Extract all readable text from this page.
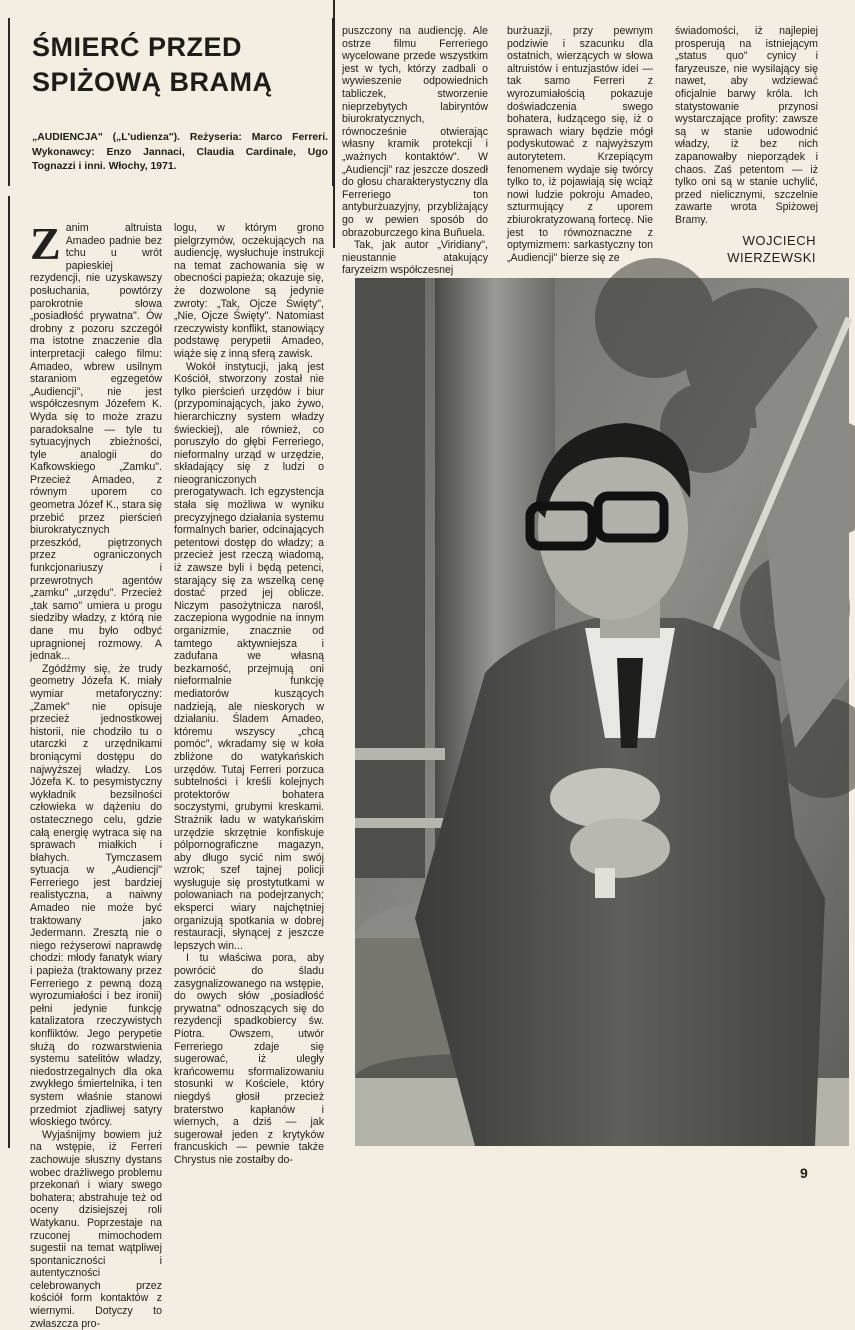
ŚMIERĆ PRZED SPIŻOWĄ BRAMĄ

„AUDIENCJA" („L'udienza"). Reżyseria: Marco Ferreri. Wykonawcy: Enzo Jannaci, Claudia Cardinale, Ugo Tognazzi i inni. Włochy, 1971.

Zanim altruista Amadeo padnie bez tchu u wrót papieskiej rezydencji, nie uzyskawszy posłuchania, powtórzy parokrotnie słowa „posiadłość prywatna". Ów drobny z pozoru szczegół ma istotne znaczenie dla interpretacji całego filmu: Amadeo, wbrew usilnym staraniom egzegetów „Audiencji", nie jest współczesnym Józefem K. Wyda się to może zrazu paradoksalne — tyle tu sytuacyjnych zbieżności, tyle analogii do Kafkowskiego „Zamku". Przecież Amadeo, z równym uporem co geometra Józef K., stara się przebić przez pierścień biurokratycznych przeszkód, piętrzonych przez ograniczonych funkcjonariuszy i przewrotnych agentów „zamku" „urzędu". Przecież „tak samo" umiera u progu siedziby władzy, z którą nie dane mu było odbyć upragnionej rozmowy. A jednak...

Zgódźmy się, że trudy geometry Józefa K. miały wymiar metaforyczny: „Zamek" nie opisuje przecież jednostkowej historii, nie chodziło tu o utarczki z urzędnikami broniącymi dostępu do najwyższej władzy. Los Józefa K. to pesymistyczny wykładnik bezsilności człowieka w dążeniu do ostatecznego celu, gdzie całą energię wytraca się na sprawach miałkich i błahych. Tymczasem sytuacja w „Audiencji" Ferreriego jest bardziej realistyczna, a naiwny Amadeo nie może być traktowany jako Jedermann. Zresztą nie o niego reżyserowi naprawdę chodzi: młody fanatyk wiary i papieża (traktowany przez Ferreriego z pewną dozą wyrozumiałości i bez ironii) pełni jedynie funkcję katalizatora rzeczywistych konfliktów. Jego perypetie służą do rozwarstwienia systemu satelitów władzy, niedostrzegalnych dla oka zwykłego śmiertelnika, i ten system właśnie stanowi przedmiot zjadliwej satyry włoskiego twórcy.

Wyjaśnijmy bowiem już na wstępie, iż Ferreri zachowuje słuszny dystans wobec drażliwego problemu przekonań i wiary swego bohatera; abstrahuje też od oceny dzisiejszej roli Watykanu. Poprzestaje na rzuconej mimochodem sugestii na temat wątpliwej spontaniczności i autentyczności celebrowanych przez kościół form kontaktów z wiernymi. Dotyczy to zwłaszcza pro-

logu, w którym grono pielgrzymów, oczekujących na audiencję, wysłuchuje instrukcji na temat zachowania się w obecności papieża; okazuje się, że dozwolone są jedynie zwroty: „Tak, Ojcze Święty", „Nie, Ojcze Święty". Natomiast rzeczywisty konflikt, stanowiący podstawę perypetii Amadeo, wiąże się z inną sferą zawisk.

Wokół instytucji, jaką jest Kościół, stworzony został nie tylko pierścień urzędów i biur (przypominających, jako żywo, hierarchiczny system władzy świeckiej), ale również, co poruszyło do głębi Ferreriego, nieformalny urząd w urzędzie, składający się z ludzi o nieograniczonych prerogatywach. Ich egzystencja stała się możliwa w wyniku precyzyjnego działania systemu formalnych barier, odcinających petentowi dostęp do władzy; a przecież jest rzeczą wiadomą, iż zawsze byli i będą petenci, starający się za wszelką cenę dostać przed jej oblicze. Niczym pasożytnicza narośl, zaczepiona wygodnie na innym organizmie, znacznie od tamtego aktywniejsza i zadufana we własną bezkarność, przejmują oni nieformalnie funkcję mediatorów kuszących nadzieją, ale nieskorych w działaniu. Śladem Amadeo, któremu wszyscy „chcą pomóc", wkradamy się w koła zbliżone do watykańskich urzędów. Tutaj Ferreri porzuca subtelności i kreśli kolejnych protektorów bohatera soczystymi, grubymi kreskami. Strażnik ładu w watykańskim urzędzie skrzętnie konfiskuje pólpornograficzne magazyn, aby długo sycić nim swój wzrok; szef tajnej policji wysługuje się prostytutkami w polowaniach na podejrzanych; eksperci wiary najchętniej organizują spotkania w dobrej restauracji, słynącej z jeszcze lepszych win...

I tu właściwa pora, aby powrócić do śladu zasygnalizowanego na wstępie, do owych słów „posiadłość prywatna" odnoszących się do rezydencji spadkobiercy św. Piotra. Owszem, utwór Ferreriego zdaje się sugerować, iż uległy krańcowemu sformalizowaniu stosunki w Kościele, który niegdyś głosił przecież braterstwo kapłanów i wiernych, a dziś — jak sugerował jeden z krytyków francuskich — pewnie także Chrystus nie zostałby do-

puszczony na audiencję. Ale ostrze filmu Ferreriego wycelowane przede wszystkim jest w tych, którzy zadbali o wywieszenie odpowiednich tabliczek, stworzenie nieprzebytych labiryntów biurokratycznych, równocześnie otwierając własny kramik protekcji i „ważnych kontaktów". W „Audiencji" raz jeszcze doszedł do głosu charakterystyczny dla Ferreriego ton antyburżuazyjny, przybliżający go w pewien sposób do obrazoburczego kina Buñuela.

Tak, jak autor „Viridiany", nieustannie atakujący faryzeizm współczesnej

burżuazji, przy pewnym podziwie i szacunku dla ostatnich, wierzących w słowa altruistów i entuzjastów idei — tak samo Ferreri z wyrozumiałością pokazuje doświadczenia swego bohatera, łudzącego się, iż o sprawach wiary będzie mógł podyskutować z najwyższym autorytetem. Krzepiącym fenomenem wydaje się twórcy tylko to, iż pojawiają się wciąż nowi ludzie pokroju Amadeo, szturmujący z uporem zbiurokratyzowaną fortecę. Nie jest to równoznaczne z optymizmem: sarkastyczny ton „Audiencji" bierze się ze

świadomości, iż najlepiej prosperują na istniejącym „status quo" cynicy i faryzeusze, nie wysilający się nawet, aby wdziewać oficjalnie barwy króla. Ich statystowanie przynosi wystarczające profity: zawsze są w stanie udowodnić władzy, iż bez nich zapanowałby nieporządek i chaos. Zaś petentom — iż tylko oni są w stanie uchylić, przed nielicznymi, szczelnie zawarte wrota Spiżowej Bramy.

WOJCIECH WIERZEWSKI

9
